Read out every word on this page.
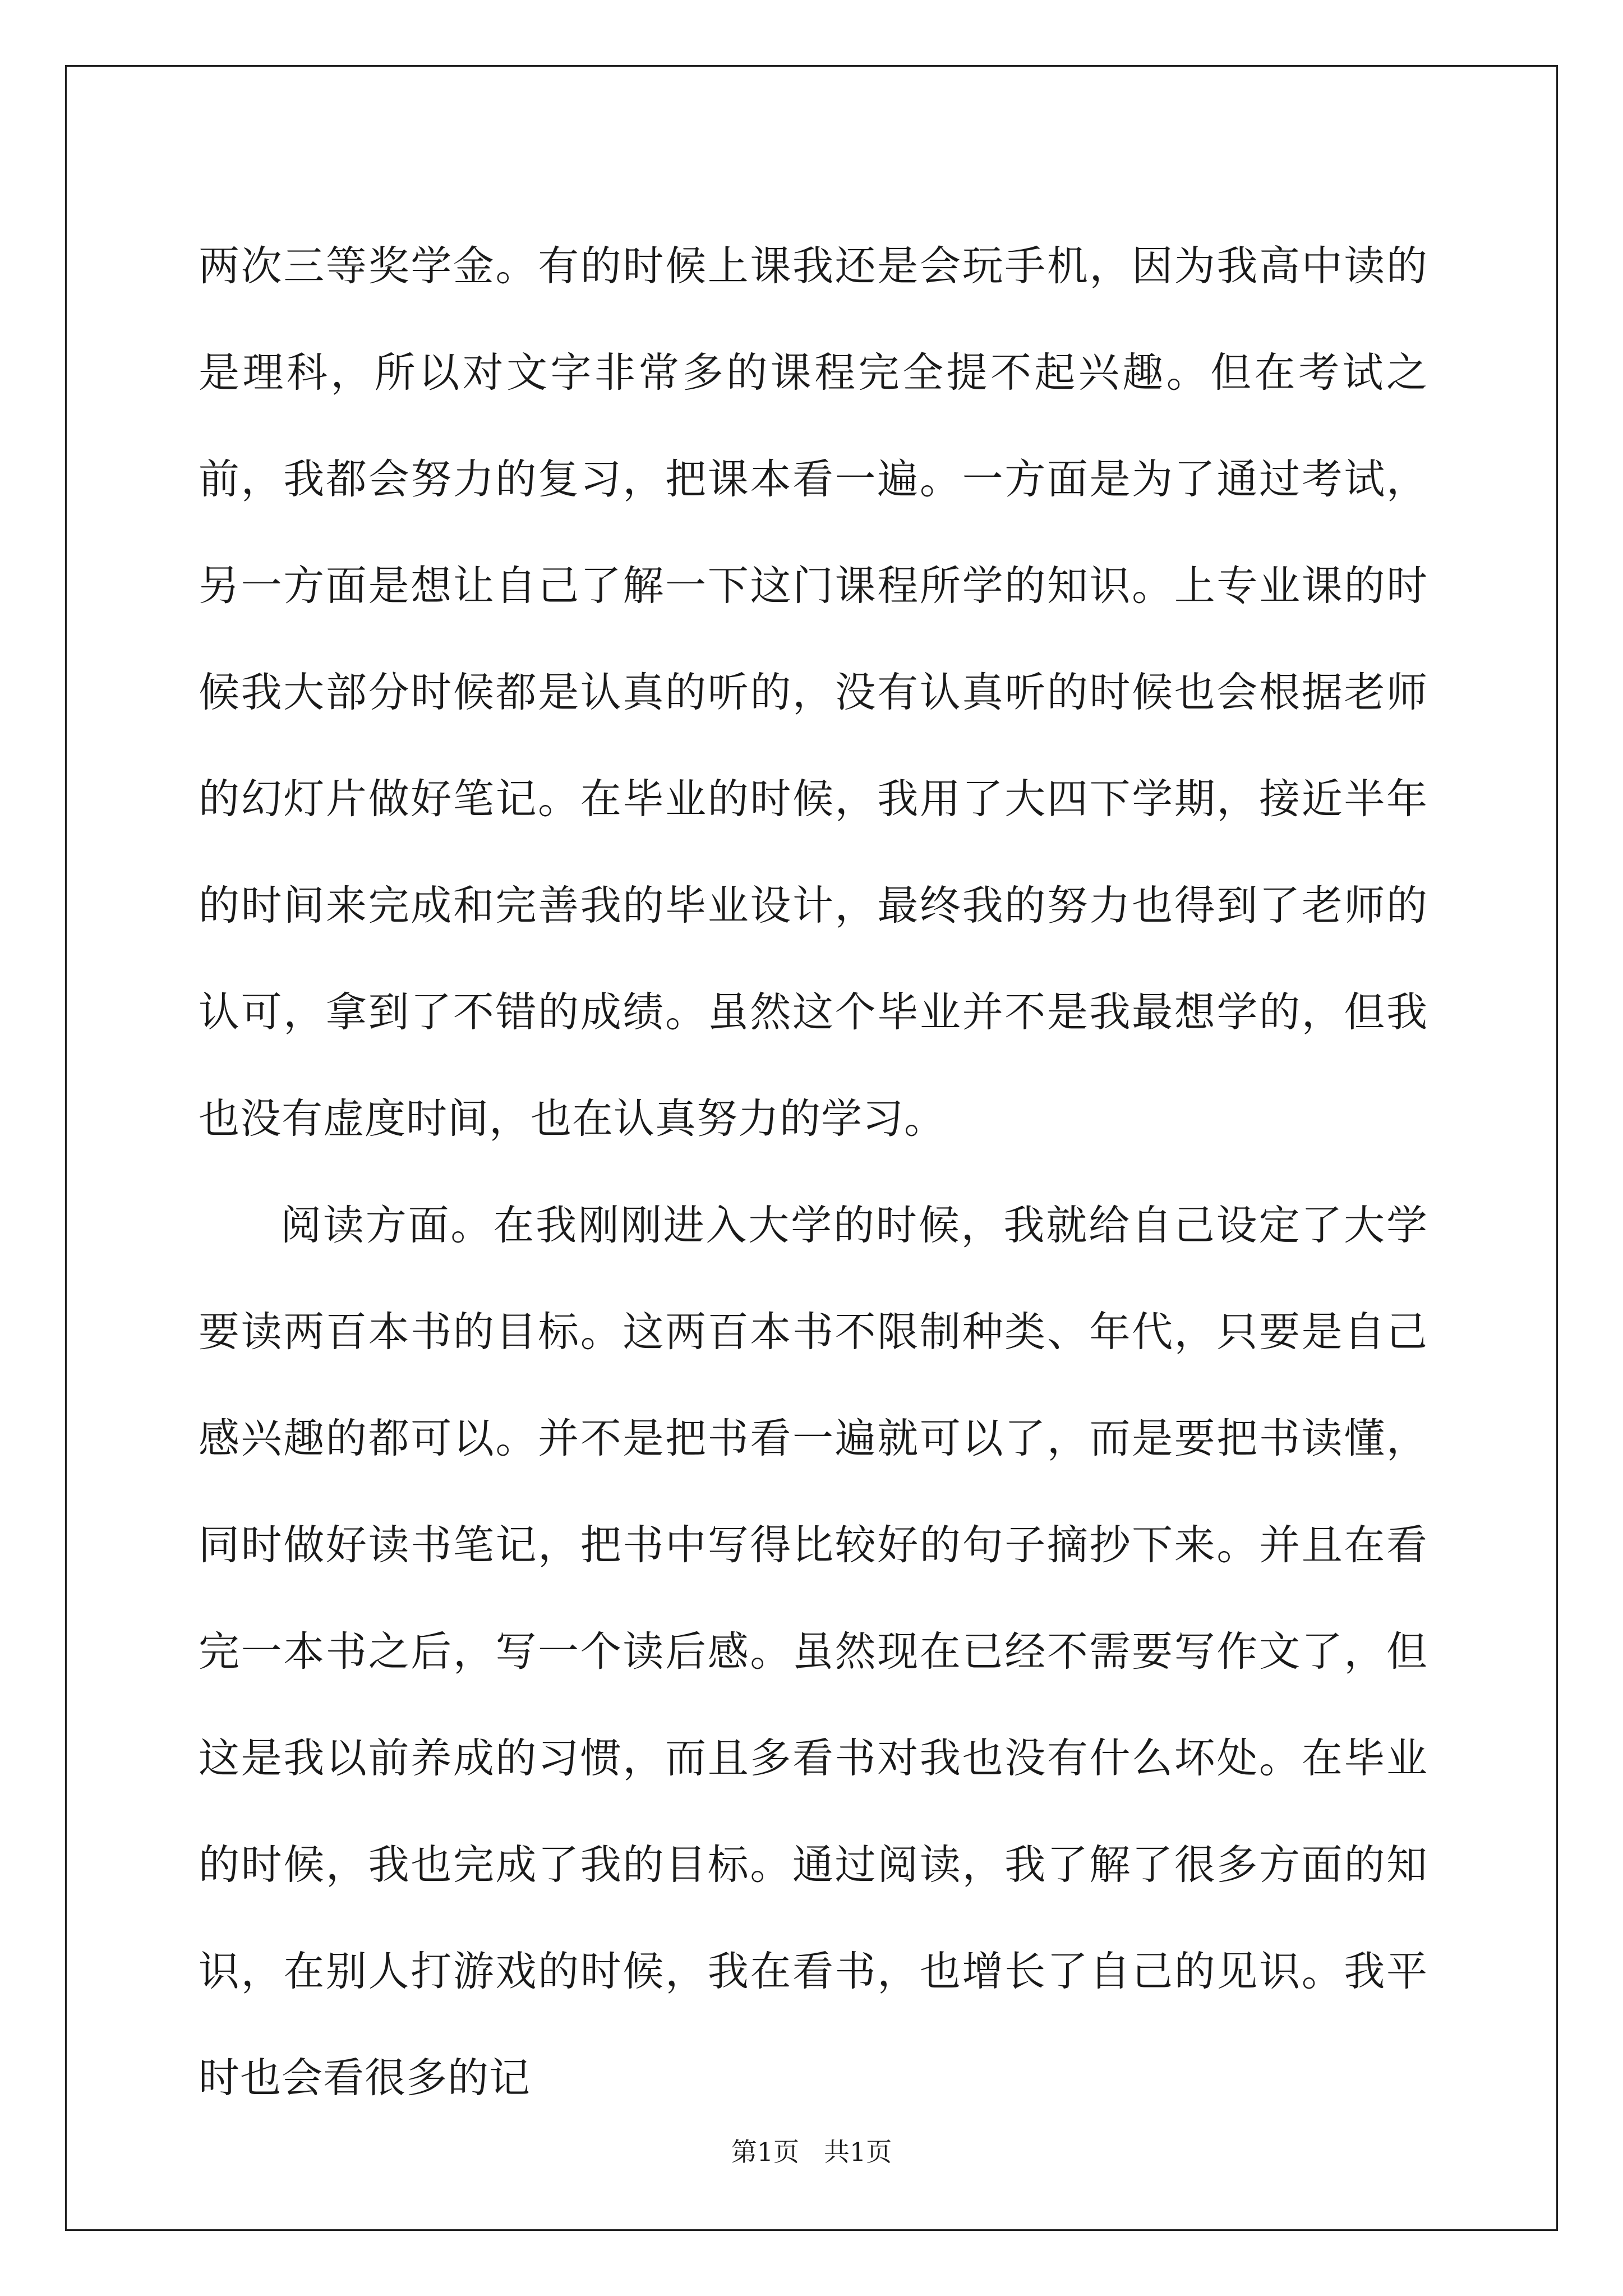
两次三等奖学金。有的时候上课我还是会玩手机，因为我高中读的是理科，所以对文字非常多的课程完全提不起兴趣。但在考试之前，我都会努力的复习，把课本看一遍。一方面是为了通过考试，另一方面是想让自己了解一下这门课程所学的知识。上专业课的时候我大部分时候都是认真的听的，没有认真听的时候也会根据老师的幻灯片做好笔记。在毕业的时候，我用了大四下学期，接近半年的时间来完成和完善我的毕业设计，最终我的努力也得到了老师的认可，拿到了不错的成绩。虽然这个毕业并不是我最想学的，但我也没有虚度时间，也在认真努力的学习。

阅读方面。在我刚刚进入大学的时候，我就给自己设定了大学要读两百本书的目标。这两百本书不限制种类、年代，只要是自己感兴趣的都可以。并不是把书看一遍就可以了，而是要把书读懂，同时做好读书笔记，把书中写得比较好的句子摘抄下来。并且在看完一本书之后，写一个读后感。虽然现在已经不需要写作文了，但这是我以前养成的习惯，而且多看书对我也没有什么坏处。在毕业的时候，我也完成了我的目标。通过阅读，我了解了很多方面的知识，在别人打游戏的时候，我在看书，也增长了自己的见识。我平时也会看很多的记

第1页 共1页
